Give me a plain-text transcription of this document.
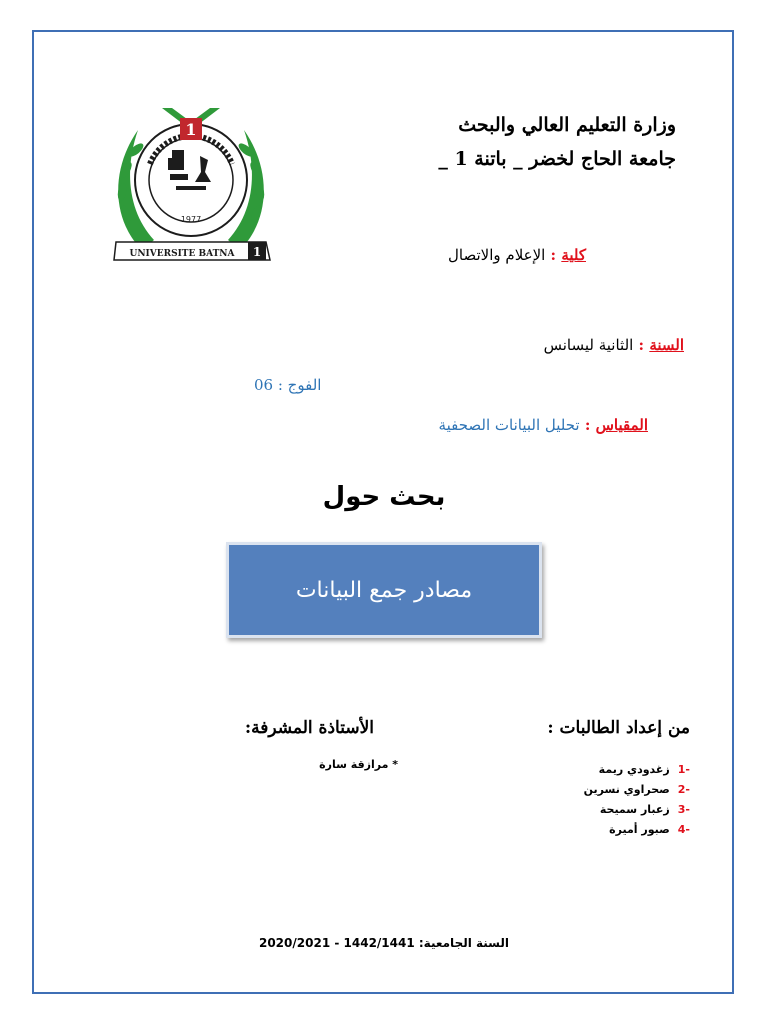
1
1977
1
UNIVERSITE BATNA
وزارة التعليم العالي والبحث
جامعة الحاج لخضر _ باتنة 1 _
كلية : الإعلام والاتصال
السنة : الثانية ليسانس
الفوج : 06
المقياس : تحليل البيانات الصحفية
بحث حول
مصادر جمع البيانات
من إعداد الطالبات :
الأستاذة المشرفة:
-1زغدودي ريمة
-2صحراوي نسرين
-3زعبار سميحة
-4صبور أميرة
* مرازقة سارة
السنة الجامعية: 1442/1441 - 2020/2021
